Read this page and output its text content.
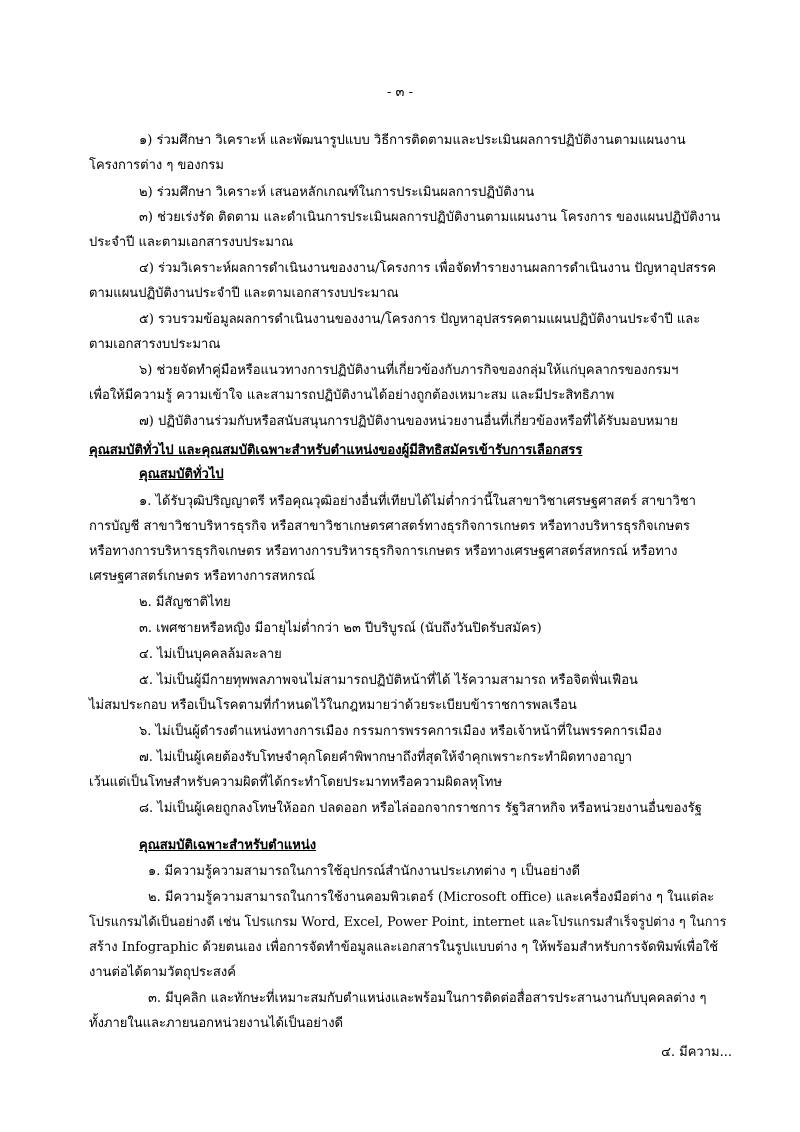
- ๓ -
๑) ร่วมศึกษา วิเคราะห์ และพัฒนารูปแบบ วิธีการติดตามและประเมินผลการปฏิบัติงานตามแผนงาน
โครงการต่าง ๆ ของกรม
๒) ร่วมศึกษา วิเคราะห์ เสนอหลักเกณฑ์ในการประเมินผลการปฏิบัติงาน
๓) ช่วยเร่งรัด ติดตาม และดำเนินการประเมินผลการปฏิบัติงานตามแผนงาน โครงการ ของแผนปฏิบัติงาน
ประจำปี และตามเอกสารงบประมาณ
๔) ร่วมวิเคราะห์ผลการดำเนินงานของงาน/โครงการ เพื่อจัดทำรายงานผลการดำเนินงาน ปัญหาอุปสรรค
ตามแผนปฏิบัติงานประจำปี และตามเอกสารงบประมาณ
๕) รวบรวมข้อมูลผลการดำเนินงานของงาน/โครงการ ปัญหาอุปสรรคตามแผนปฏิบัติงานประจำปี และ
ตามเอกสารงบประมาณ
๖) ช่วยจัดทำคู่มือหรือแนวทางการปฏิบัติงานที่เกี่ยวข้องกับภารกิจของกลุ่มให้แก่บุคลากรของกรมฯ
เพื่อให้มีความรู้ ความเข้าใจ และสามารถปฏิบัติงานได้อย่างถูกต้องเหมาะสม และมีประสิทธิภาพ
๗) ปฏิบัติงานร่วมกับหรือสนับสนุนการปฏิบัติงานของหน่วยงานอื่นที่เกี่ยวข้องหรือที่ได้รับมอบหมาย
คุณสมบัติทั่วไป และคุณสมบัติเฉพาะสำหรับตำแหน่งของผู้มีสิทธิสมัครเข้ารับการเลือกสรร
คุณสมบัติทั่วไป
๑. ได้รับวุฒิปริญญาตรี หรือคุณวุฒิอย่างอื่นที่เทียบได้ไม่ต่ำกว่านี้ในสาขาวิชาเศรษฐศาสตร์ สาขาวิชา
การบัญชี สาขาวิชาบริหารธุรกิจ หรือสาขาวิชาเกษตรศาสตร์ทางธุรกิจการเกษตร หรือทางบริหารธุรกิจเกษตร
หรือทางการบริหารธุรกิจเกษตร หรือทางการบริหารธุรกิจการเกษตร หรือทางเศรษฐศาสตร์สหกรณ์ หรือทาง
เศรษฐศาสตร์เกษตร หรือทางการสหกรณ์
๒. มีสัญชาติไทย
๓. เพศชายหรือหญิง มีอายุไม่ต่ำกว่า ๒๓ ปีบริบูรณ์ (นับถึงวันปิดรับสมัคร)
๔. ไม่เป็นบุคคลล้มละลาย
๕. ไม่เป็นผู้มีกายทุพพลภาพจนไม่สามารถปฏิบัติหน้าที่ได้ ไร้ความสามารถ หรือจิตฟั่นเฟือน
ไม่สมประกอบ หรือเป็นโรคตามที่กำหนดไว้ในกฎหมายว่าด้วยระเบียบข้าราชการพลเรือน
๖. ไม่เป็นผู้ดำรงตำแหน่งทางการเมือง กรรมการพรรคการเมือง หรือเจ้าหน้าที่ในพรรคการเมือง
๗. ไม่เป็นผู้เคยต้องรับโทษจำคุกโดยคำพิพากษาถึงที่สุดให้จำคุกเพราะกระทำผิดทางอาญา
เว้นแต่เป็นโทษสำหรับความผิดที่ได้กระทำโดยประมาทหรือความผิดลหุโทษ
๘. ไม่เป็นผู้เคยถูกลงโทษให้ออก ปลดออก หรือไล่ออกจากราชการ รัฐวิสาหกิจ หรือหน่วยงานอื่นของรัฐ
คุณสมบัติเฉพาะสำหรับตำแหน่ง
๑. มีความรู้ความสามารถในการใช้อุปกรณ์สำนักงานประเภทต่าง ๆ เป็นอย่างดี
๒. มีความรู้ความสามารถในการใช้งานคอมพิวเตอร์ (Microsoft office) และเครื่องมือต่าง ๆ ในแต่ละ
โปรแกรมได้เป็นอย่างดี เช่น โปรแกรม Word, Excel, Power Point, internet และโปรแกรมสำเร็จรูปต่าง ๆ ในการ
สร้าง Infographic ด้วยตนเอง เพื่อการจัดทำข้อมูลและเอกสารในรูปแบบต่าง ๆ ให้พร้อมสำหรับการจัดพิมพ์เพื่อใช้
งานต่อได้ตามวัตถุประสงค์
๓. มีบุคลิก และทักษะที่เหมาะสมกับตำแหน่งและพร้อมในการติดต่อสื่อสารประสานงานกับบุคคลต่าง ๆ
ทั้งภายในและภายนอกหน่วยงานได้เป็นอย่างดี
๔. มีความ...
